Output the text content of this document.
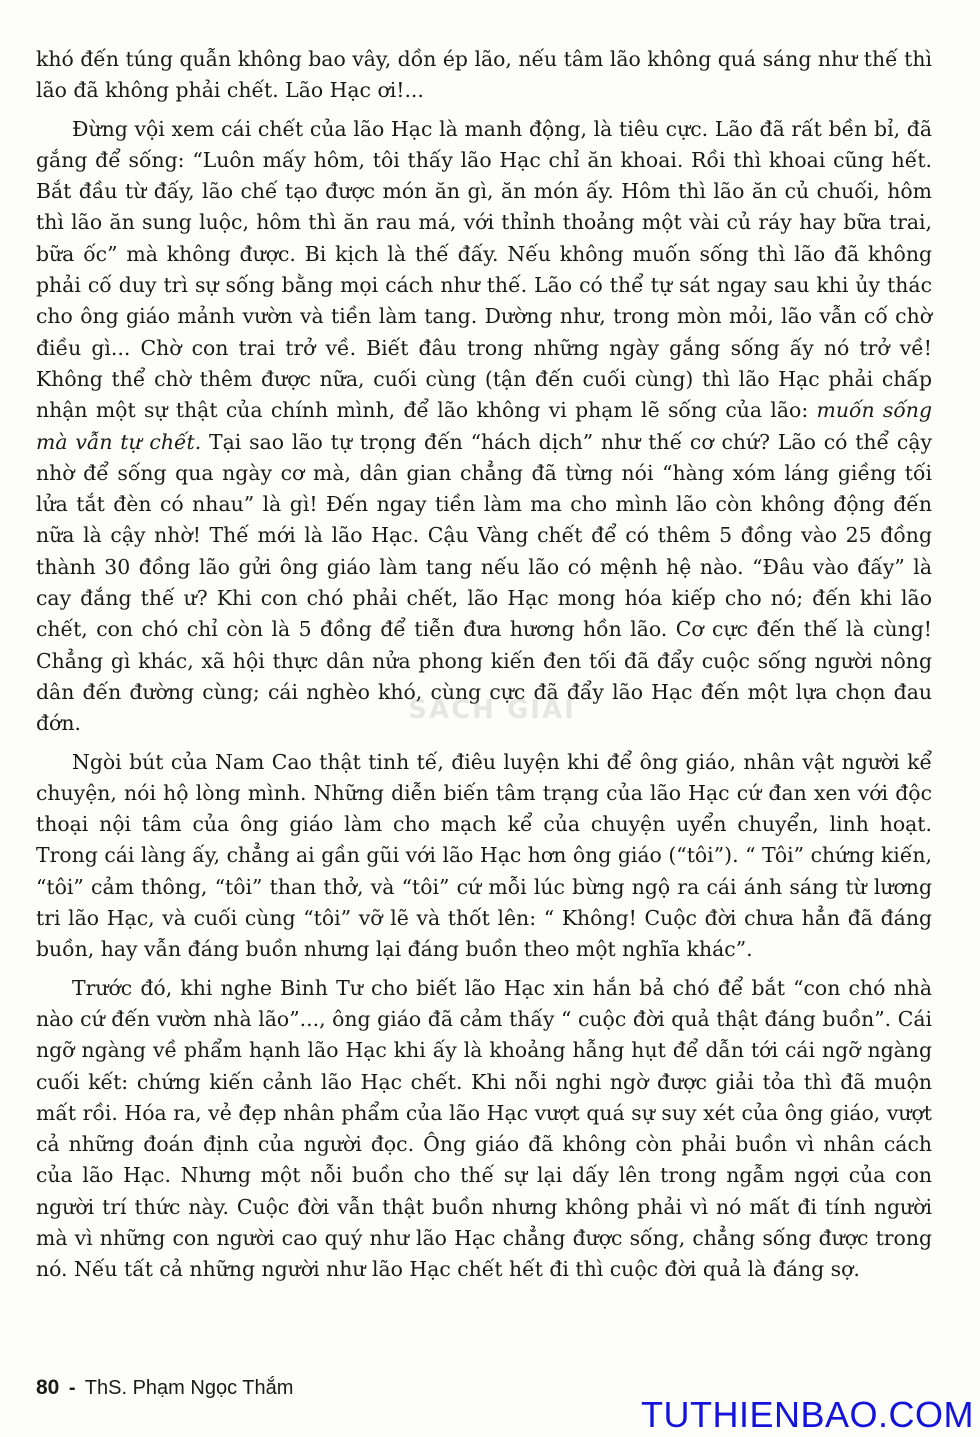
khó đến túng quẫn không bao vây, dồn ép lão, nếu tâm lão không quá sáng như thế thì lão đã không phải chết. Lão Hạc ơi!...

Đừng vội xem cái chết của lão Hạc là manh động, là tiêu cực. Lão đã rất bền bỉ, đã gắng để sống: “Luôn mấy hôm, tôi thấy lão Hạc chỉ ăn khoai. Rồi thì khoai cũng hết. Bắt đầu từ đấy, lão chế tạo được món ăn gì, ăn món ấy. Hôm thì lão ăn củ chuối, hôm thì lão ăn sung luộc, hôm thì ăn rau má, với thỉnh thoảng một vài củ ráy hay bữa trai, bữa ốc” mà không được. Bi kịch là thế đấy. Nếu không muốn sống thì lão đã không phải cố duy trì sự sống bằng mọi cách như thế. Lão có thể tự sát ngay sau khi ủy thác cho ông giáo mảnh vườn và tiền làm tang. Dường như, trong mòn mỏi, lão vẫn cố chờ điều gì... Chờ con trai trở về. Biết đâu trong những ngày gắng sống ấy nó trở về! Không thể chờ thêm được nữa, cuối cùng (tận đến cuối cùng) thì lão Hạc phải chấp nhận một sự thật của chính mình, để lão không vi phạm lẽ sống của lão: muốn sống mà vẫn tự chết. Tại sao lão tự trọng đến “hách dịch” như thế cơ chứ? Lão có thể cậy nhờ để sống qua ngày cơ mà, dân gian chẳng đã từng nói “hàng xóm láng giềng tối lửa tắt đèn có nhau” là gì! Đến ngay tiền làm ma cho mình lão còn không động đến nữa là cậy nhờ! Thế mới là lão Hạc. Cậu Vàng chết để có thêm 5 đồng vào 25 đồng thành 30 đồng lão gửi ông giáo làm tang nếu lão có mệnh hệ nào. “Đâu vào đấy” là cay đắng thế ư? Khi con chó phải chết, lão Hạc mong hóa kiếp cho nó; đến khi lão chết, con chó chỉ còn là 5 đồng để tiễn đưa hương hồn lão. Cơ cực đến thế là cùng! Chẳng gì khác, xã hội thực dân nửa phong kiến đen tối đã đẩy cuộc sống người nông dân đến đường cùng; cái nghèo khó, cùng cực đã đẩy lão Hạc đến một lựa chọn đau đớn.

Ngòi bút của Nam Cao thật tinh tế, điêu luyện khi để ông giáo, nhân vật người kể chuyện, nói hộ lòng mình. Những diễn biến tâm trạng của lão Hạc cứ đan xen với độc thoại nội tâm của ông giáo làm cho mạch kể của chuyện uyển chuyển, linh hoạt. Trong cái làng ấy, chẳng ai gần gũi với lão Hạc hơn ông giáo (“tôi”). “ Tôi” chứng kiến, “tôi” cảm thông, “tôi” than thở, và “tôi” cứ mỗi lúc bừng ngộ ra cái ánh sáng từ lương tri lão Hạc, và cuối cùng “tôi” vỡ lẽ và thốt lên: “ Không! Cuộc đời chưa hẳn đã đáng buồn, hay vẫn đáng buồn nhưng lại đáng buồn theo một nghĩa khác”.

Trước đó, khi nghe Binh Tư cho biết lão Hạc xin hắn bả chó để bắt “con chó nhà nào cứ đến vườn nhà lão”..., ông giáo đã cảm thấy “ cuộc đời quả thật đáng buồn”. Cái ngỡ ngàng về phẩm hạnh lão Hạc khi ấy là khoảng hẫng hụt để dẫn tới cái ngỡ ngàng cuối kết: chứng kiến cảnh lão Hạc chết. Khi nỗi nghi ngờ được giải tỏa thì đã muộn mất rồi. Hóa ra, vẻ đẹp nhân phẩm của lão Hạc vượt quá sự suy xét của ông giáo, vượt cả những đoán định của người đọc. Ông giáo đã không còn phải buồn vì nhân cách của lão Hạc. Nhưng một nỗi buồn cho thế sự lại dấy lên trong ngẫm ngợi của con người trí thức này. Cuộc đời vẫn thật buồn nhưng không phải vì nó mất đi tính người mà vì những con người cao quý như lão Hạc chẳng được sống, chẳng sống được trong nó. Nếu tất cả những người như lão Hạc chết hết đi thì cuộc đời quả là đáng sợ.

SÁCH GIẢI
80 - ThS. Phạm Ngọc Thắm
TUTHIENBAO.COM
